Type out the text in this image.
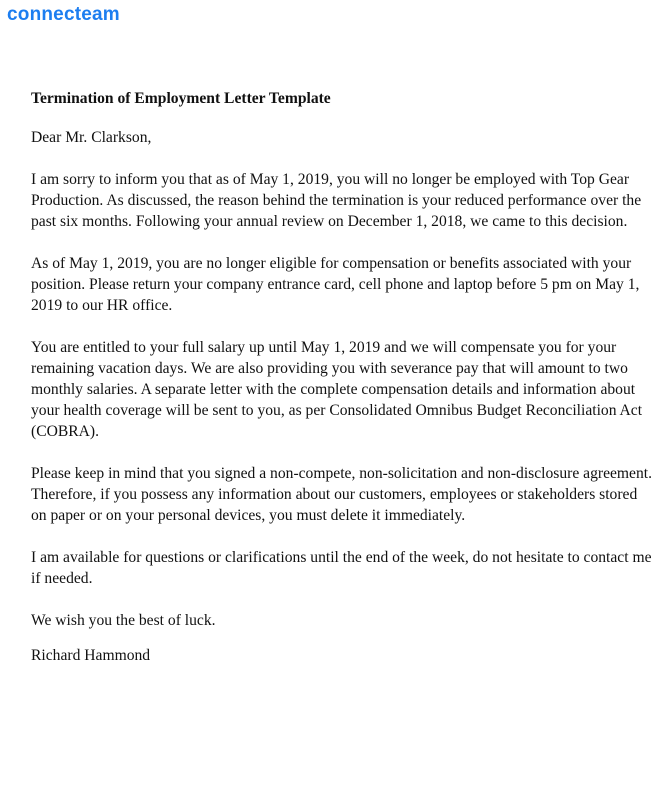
connecteam
Termination of Employment Letter Template

Dear Mr. Clarkson,

I am sorry to inform you that as of May 1, 2019, you will no longer be employed with Top Gear Production. As discussed, the reason behind the termination is your reduced performance over the past six months. Following your annual review on December 1, 2018, we came to this decision.

As of May 1, 2019, you are no longer eligible for compensation or benefits associated with your position. Please return your company entrance card, cell phone and laptop before 5 pm on May 1, 2019 to our HR office.

You are entitled to your full salary up until May 1, 2019 and we will compensate you for your remaining vacation days. We are also providing you with severance pay that will amount to two monthly salaries. A separate letter with the complete compensation details and information about your health coverage will be sent to you, as per Consolidated Omnibus Budget Reconciliation Act (COBRA).

Please keep in mind that you signed a non-compete, non-solicitation and non-disclosure agreement. Therefore, if you possess any information about our customers, employees or stakeholders stored on paper or on your personal devices, you must delete it immediately.

I am available for questions or clarifications until the end of the week, do not hesitate to contact me if needed.

We wish you the best of luck.

Richard Hammond
